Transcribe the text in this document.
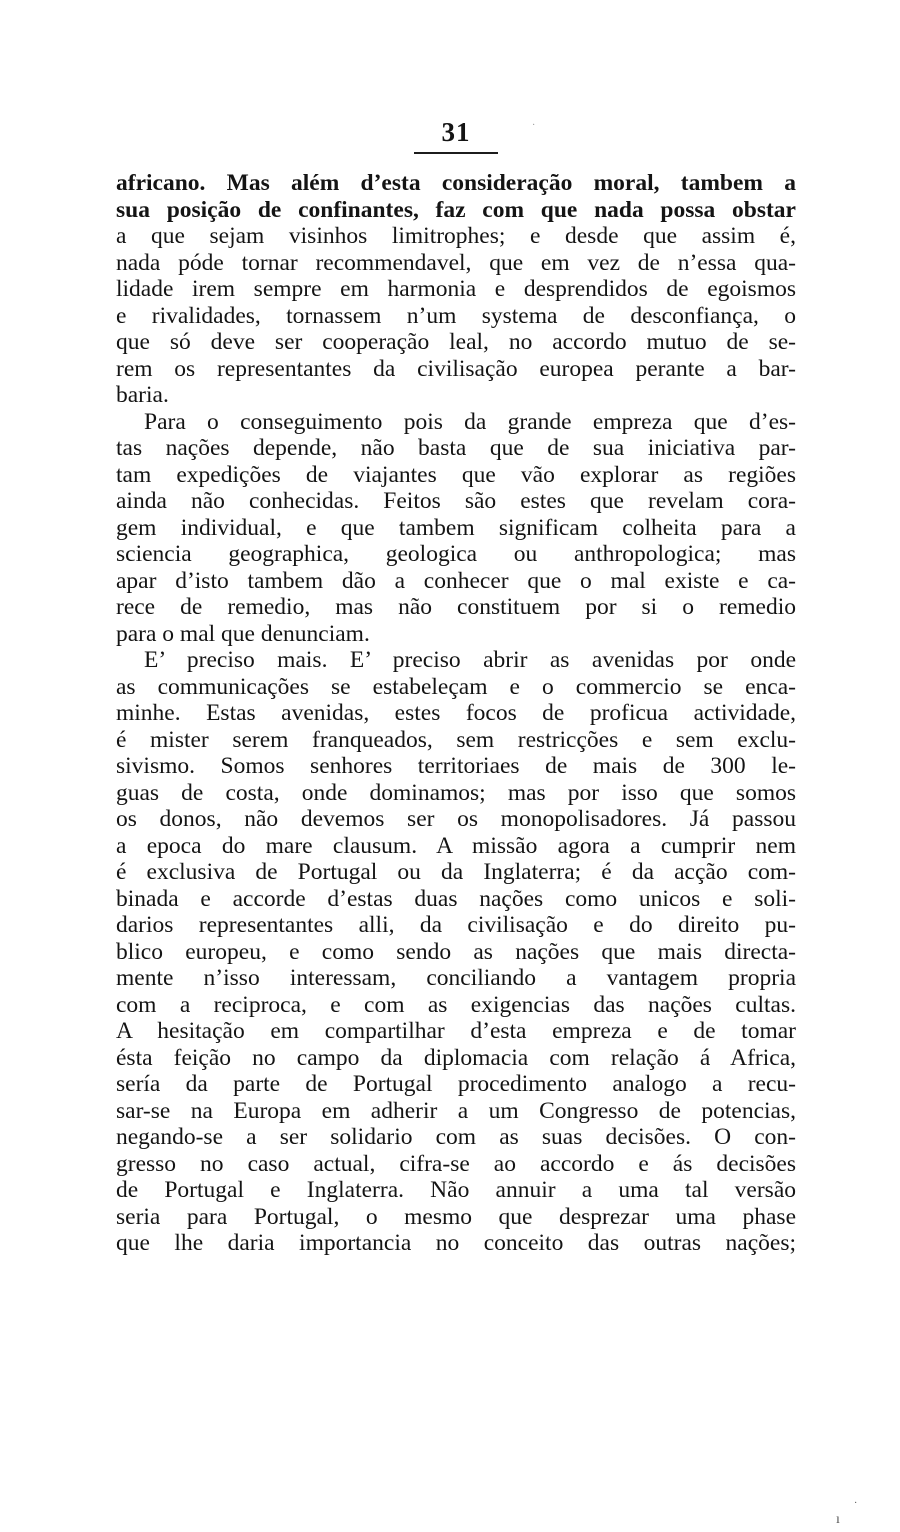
31
africano. Mas além d’esta consideração moral, tambem a
sua posição de confinantes, faz com que nada possa obstar
a que sejam visinhos limitrophes; e desde que assim é,
nada póde tornar recommendavel, que em vez de n’essa qua-
lidade irem sempre em harmonia e desprendidos de egoismos
e rivalidades, tornassem n’um systema de desconfiança, o
que só deve ser cooperação leal, no accordo mutuo de se-
rem os representantes da civilisação europea perante a bar-
baria.
Para o conseguimento pois da grande empreza que d’es-
tas nações depende, não basta que de sua iniciativa par-
tam expedições de viajantes que vão explorar as regiões
ainda não conhecidas. Feitos são estes que revelam cora-
gem individual, e que tambem significam colheita para a
sciencia geographica, geologica ou anthropologica; mas
apar d’isto tambem dão a conhecer que o mal existe e ca-
rece de remedio, mas não constituem por si o remedio
para o mal que denunciam.
E’ preciso mais. E’ preciso abrir as avenidas por onde
as communicações se estabeleçam e o commercio se enca-
minhe. Estas avenidas, estes focos de proficua actividade,
é mister serem franqueados, sem restricções e sem exclu-
sivismo. Somos senhores territoriaes de mais de 300 le-
guas de costa, onde dominamos; mas por isso que somos
os donos, não devemos ser os monopolisadores. Já passou
a epoca do mare clausum. A missão agora a cumprir nem
é exclusiva de Portugal ou da Inglaterra; é da acção com-
binada e accorde d’estas duas nações como unicos e soli-
darios representantes alli, da civilisação e do direito pu-
blico europeu, e como sendo as nações que mais directa-
mente n’isso interessam, conciliando a vantagem propria
com a reciproca, e com as exigencias das nações cultas.
A hesitação em compartilhar d’esta empreza e de tomar
ésta feição no campo da diplomacia com relação á Africa,
sería da parte de Portugal procedimento analogo a recu-
sar-se na Europa em adherir a um Congresso de potencias,
negando-se a ser solidario com as suas decisões. O con-
gresso no caso actual, cifra-se ao accordo e ás decisões
de Portugal e Inglaterra. Não annuir a uma tal versão
seria para Portugal, o mesmo que desprezar uma phase
que lhe daria importancia no conceito das outras nações;
·
·
ı
